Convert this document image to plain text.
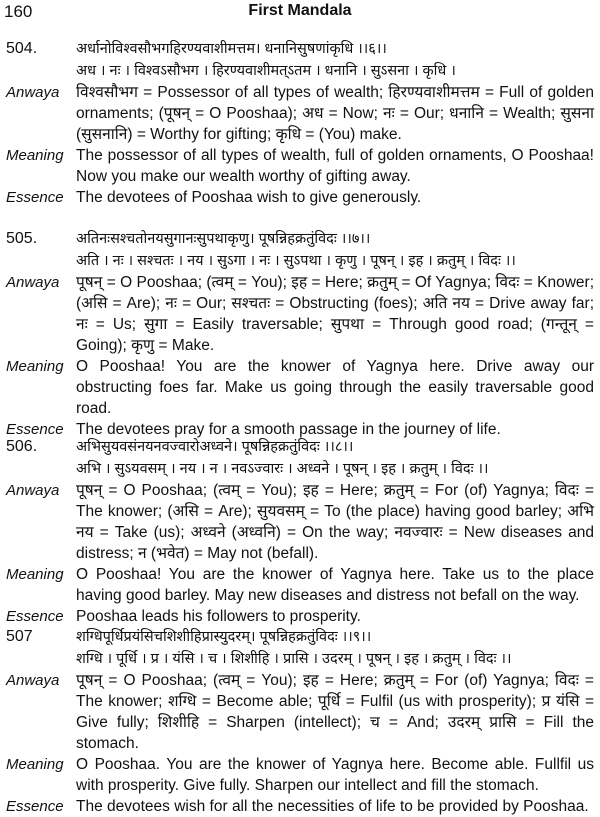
160	First Mandala
504.	अर्धानोविश्वसौभगहिरण्यवाशीमत्तम। धनानिसुषणांकृधि ।।६।।
अध । नः । विश्वऽसौभग । हिरण्यवाशीमत्ऽतम । धनानि । सुऽसना । कृधि ।
Anwaya	विश्वसौभग = Possessor of all types of wealth; हिरण्यवाशीमत्तम = Full of golden ornaments; (पूषन् = O Pooshaa); अध = Now; नः = Our; धनानि = Wealth; सुसना (सुसनानि) = Worthy for gifting; कृधि = (You) make.
Meaning The possessor of all types of wealth, full of golden ornaments, O Pooshaa! Now you make our wealth worthy of gifting away.
Essence The devotees of Pooshaa wish to give generously.
505.	अतिनःसश्चतोनयसुगानःसुपथाकृणु। पूषन्निहक्रतुंविदः ।।७।।
अति । नः । सश्चतः । नय । सुऽगा । नः । सुऽपथा । कृणु । पूषन् । इह । क्रतुम् । विदः ।।
Anwaya	पूषन् = O Pooshaa; (त्वम् = You); इह = Here; क्रतुम् = Of Yagnya; विदः = Knower; (असि = Are); नः = Our; सश्चतः = Obstructing (foes); अति नय = Drive away far; नः = Us; सुगा = Easily traversable; सुपथा = Through good road; (गन्तून् = Going); कृणु = Make.
Meaning O Pooshaa! You are the knower of Yagnya here. Drive away our obstructing foes far. Make us going through the easily traversable good road.
Essence The devotees pray for a smooth passage in the journey of life.
506.	अभिसुयवसंनयनवज्वारोअध्वने। पूषन्निहक्रतुंविदः ।।८।।
अभि । सुऽयवसम् । नय । न । नवऽज्वारः । अध्वने । पूषन् । इह । क्रतुम् । विदः ।।
Anwaya	पूषन् = O Pooshaa; (त्वम् = You); इह = Here; क्रतुम् = For (of) Yagnya; विदः = The knower; (असि = Are); सुयवसम् = To (the place) having good barley; अभि नय = Take (us); अध्वने (अध्वनि) = On the way; नवज्वारः = New diseases and distress; न (भवेत) = May not (befall).
Meaning O Pooshaa! You are the knower of Yagnya here. Take us to the place having good barley. May new diseases and distress not befall on the way.
Essence Pooshaa leads his followers to prosperity.
507	शग्धिपूर्धिप्रयंसिचशिशीहिप्रास्युदरम्। पूषन्निहक्रतुंविदः ।।९।।
शग्धि । पूर्धि । प्र । यंसि । च । शिशीहि । प्रासि । उदरम् । पूषन् । इह । क्रतुम् । विदः ।।
Anwaya	पूषन् = O Pooshaa; (त्वम् = You); इह = Here; क्रतुम् = For (of) Yagnya; विदः = The knower; शग्धि = Become able; पूर्धि = Fulfil (us with prosperity); प्र यंसि = Give fully; शिशीहि = Sharpen (intellect); च = And; उदरम् प्रासि = Fill the stomach.
Meaning O Pooshaa. You are the knower of Yagnya here. Become able. Fullfil us with prosperity. Give fully. Sharpen our intellect and fill the stomach.
Essence The devotees wish for all the necessities of life to be provided by Pooshaa.
